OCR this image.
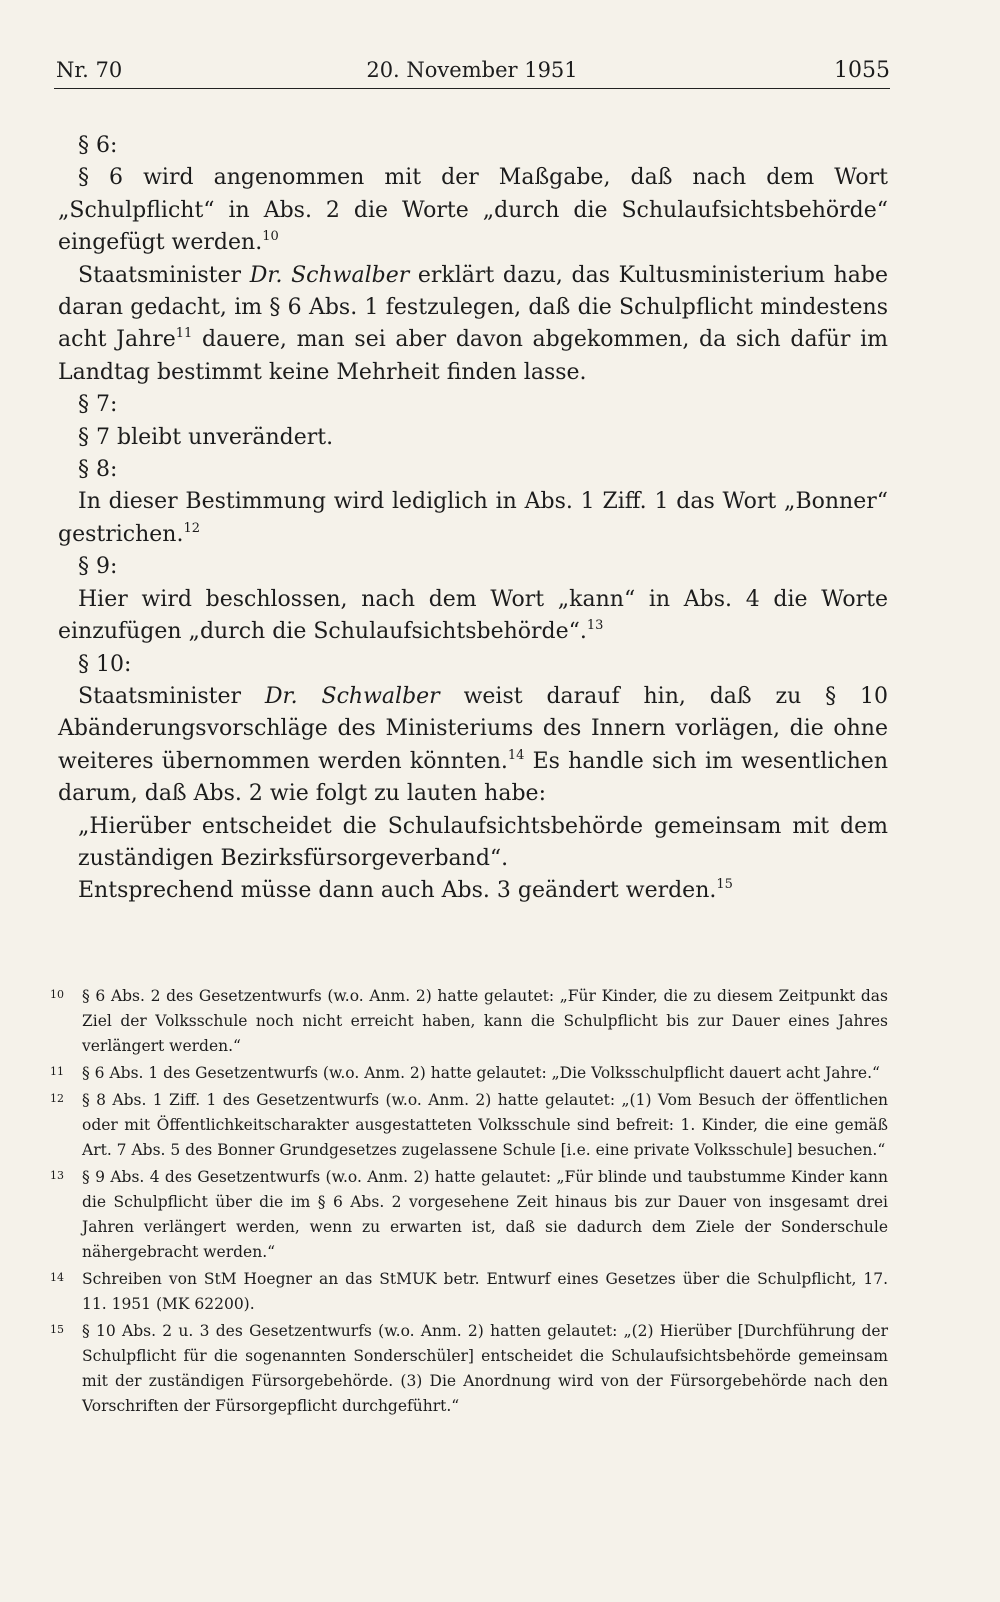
Nr. 70	20. November 1951	1055

§ 6:

§ 6 wird angenommen mit der Maßgabe, daß nach dem Wort „Schulpflicht“ in Abs. 2 die Worte „durch die Schulaufsichtsbehörde“ eingefügt werden.$^{10}$

Staatsminister Dr. Schwalber erklärt dazu, das Kultusministerium habe daran gedacht, im § 6 Abs. 1 festzulegen, daß die Schulpflicht mindestens acht Jahre$^{11}$ dauere, man sei aber davon abgekommen, da sich dafür im Landtag bestimmt keine Mehrheit finden lasse.

§ 7:

§ 7 bleibt unverändert.

§ 8:

In dieser Bestimmung wird lediglich in Abs. 1 Ziff. 1 das Wort „Bonner“ gestrichen.$^{12}$

§ 9:

Hier wird beschlossen, nach dem Wort „kann“ in Abs. 4 die Worte einzufügen „durch die Schulaufsichtsbehörde“.$^{13}$

§ 10:

Staatsminister Dr. Schwalber weist darauf hin, daß zu § 10 Abänderungsvorschläge des Ministeriums des Innern vorlägen, die ohne weiteres übernommen werden könnten.$^{14}$ Es handle sich im wesentlichen darum, daß Abs. 2 wie folgt zu lauten habe:

„Hierüber entscheidet die Schulaufsichtsbehörde gemeinsam mit dem zuständigen Bezirksfürsorgeverband“.

Entsprechend müsse dann auch Abs. 3 geändert werden.$^{15}$

10 § 6 Abs. 2 des Gesetzentwurfs (w.o. Anm. 2) hatte gelautet: „Für Kinder, die zu diesem Zeitpunkt das Ziel der Volksschule noch nicht erreicht haben, kann die Schulpflicht bis zur Dauer eines Jahres verlängert werden.“

11 § 6 Abs. 1 des Gesetzentwurfs (w.o. Anm. 2) hatte gelautet: „Die Volksschulpflicht dauert acht Jahre.“

12 § 8 Abs. 1 Ziff. 1 des Gesetzentwurfs (w.o. Anm. 2) hatte gelautet: „(1) Vom Besuch der öffentlichen oder mit Öffentlichkeitscharakter ausgestatteten Volksschule sind befreit: 1. Kinder, die eine gemäß Art. 7 Abs. 5 des Bonner Grundgesetzes zugelassene Schule [i.e. eine private Volksschule] besuchen.“

13 § 9 Abs. 4 des Gesetzentwurfs (w.o. Anm. 2) hatte gelautet: „Für blinde und taubstumme Kinder kann die Schulpflicht über die im § 6 Abs. 2 vorgesehene Zeit hinaus bis zur Dauer von insgesamt drei Jahren verlängert werden, wenn zu erwarten ist, daß sie dadurch dem Ziele der Sonderschule nähergebracht werden.“

14 Schreiben von StM Hoegner an das StMUK betr. Entwurf eines Gesetzes über die Schulpflicht, 17. 11. 1951 (MK 62200).

15 § 10 Abs. 2 u. 3 des Gesetzentwurfs (w.o. Anm. 2) hatten gelautet: „(2) Hierüber [Durchführung der Schulpflicht für die sogenannten Sonderschüler] entscheidet die Schulaufsichtsbehörde gemeinsam mit der zuständigen Fürsorgebehörde. (3) Die Anordnung wird von der Fürsorgebehörde nach den Vorschriften der Fürsorgepflicht durchgeführt.“
